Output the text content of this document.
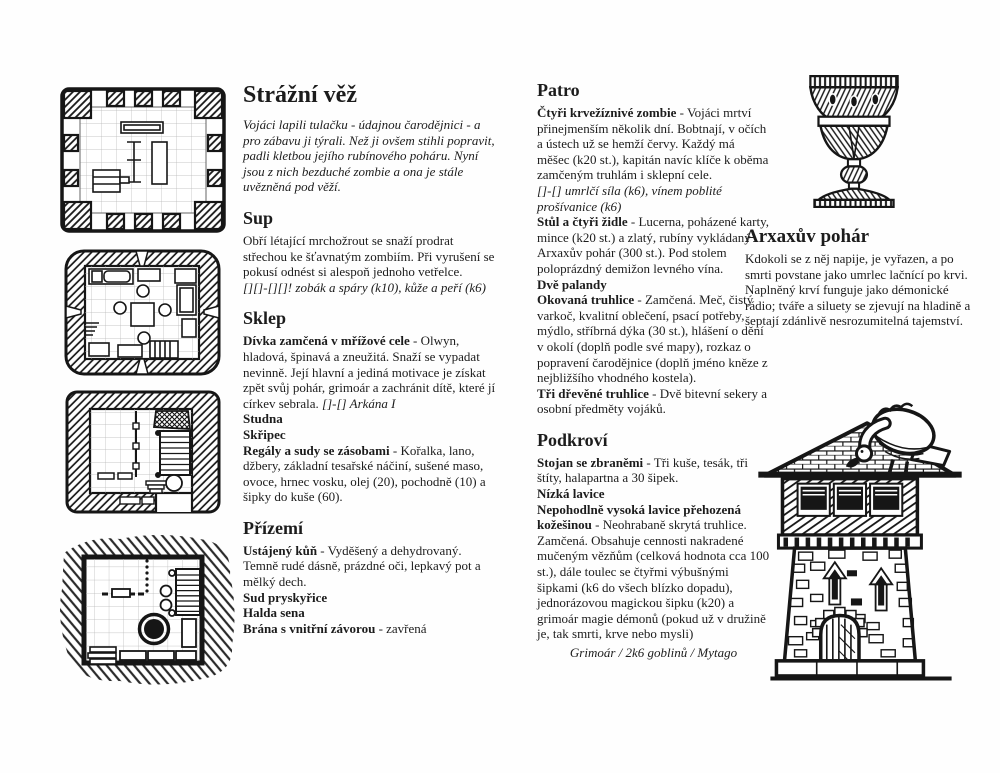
Strážní věž

Vojáci lapili tulačku - údajnou čarodějnici - a pro zábavu ji týrali. Než ji ovšem stihli popravit, padli kletbou jejího rubínového poháru. Nyní jsou z nich bezduché zombie a ona je stále uvězněná pod věží.

Sup

Obří létající mrchožrout se snaží prodrat střechou ke šťavnatým zombiím. Při vyrušení se pokusí odnést si alespoň jednoho vetřelce.

[][]-[][]! zobák a spáry (k10), kůže a peří (k6)

Sklep

Dívka zamčená v mřížové cele - Olwyn, hladová, špinavá a zneužitá. Snaží se vypadat nevinně. Její hlavní a jediná motivace je získat zpět svůj pohár, grimoár a zachránit dítě, které jí církev sebrala. []-[] Arkána I

Studna

Skřipec

Regály a sudy se zásobami - Kořalka, lano, džbery, základní tesařské náčiní, sušené maso, ovoce, hrnec vosku, olej (20), pochodně (10) a šipky do kuše (60).

Přízemí

Ustájený kůň - Vyděšený a dehydrovaný. Temně rudé dásně, prázdné oči, lepkavý pot a mělký dech.

Sud pryskyřice

Halda sena

Brána s vnitřní závorou - zavřená

Patro

Čtyři krvežíznivé zombie - Vojáci mrtví přinejmenším několik dní. Bobtnají, v očích a ústech už se hemží červy. Každý má měšec (k20 st.), kapitán navíc klíče k oběma zamčeným truhlám i sklepní cele.

[]-[] umrlčí síla (k6), vínem poblité prošívanice (k6)

Stůl a čtyři židle - Lucerna, poházené karty, mince (k20 st.) a zlatý, rubíny vykládaný Arxaxův pohár (300 st.). Pod stolem poloprázdný demižon levného vína.

Dvě palandy

Okovaná truhlice - Zamčená. Meč, čistý varkoč, kvalitní oblečení, psací potřeby, mýdlo, stříbrná dýka (30 st.), hlášení o dění v okolí (doplň podle své mapy), rozkaz o popravení čarodějnice (doplň jméno kněze z nejbližšího vhodného kostela).

Tři dřevěné truhlice - Dvě bitevní sekery a osobní předměty vojáků.

Podkroví

Stojan se zbraněmi - Tři kuše, tesák, tři štíty, halapartna a 30 šipek.

Nízká lavice

Nepohodlně vysoká lavice přehozená kožešinou - Neohrabaně skrytá truhlice. Zamčená. Obsahuje cennosti nakradené mučeným vězňům (celková hodnota cca 100 st.), dále toulec se čtyřmi výbušnými šipkami (k6 do všech blízko dopadu), jednorázovou magickou šipku (k20) a grimoár magie démonů (pokud už v družině je, tak smrti, krve nebo mysli)

Arxaxův pohár

Kdokoli se z něj napije, je vyřazen, a po smrti povstane jako umrlec lačnící po krvi. Naplněný krví funguje jako démonické rádio; tváře a siluety se zjevují na hladině a šeptají zdánlivě nesrozumitelná tajemství.

Grimoár / 2k6 goblinů / Mytago
